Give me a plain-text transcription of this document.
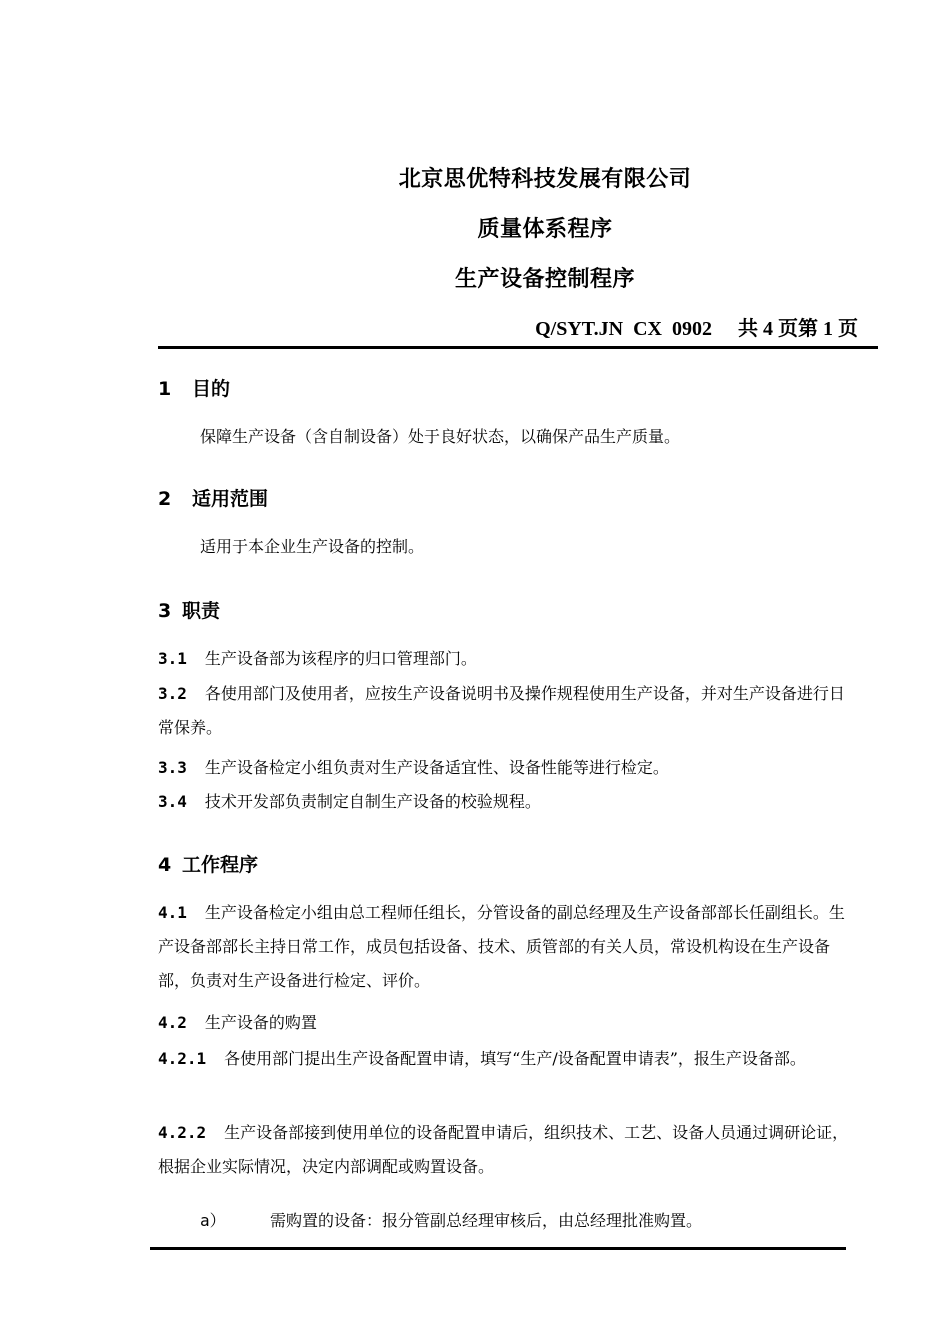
北京思优特科技发展有限公司
质量体系程序
生产设备控制程序
Q/SYT.JN  CX  0902 共 4 页第 1 页
1 目的
保障生产设备（含自制设备）处于良好状态，以确保产品生产质量。
2 适用范围
适用于本企业生产设备的控制。
3 职责
3.1 生产设备部为该程序的归口管理部门。
3.2 各使用部门及使用者，应按生产设备说明书及操作规程使用生产设备，并对生产设备进行日常保养。
3.3 生产设备检定小组负责对生产设备适宜性、设备性能等进行检定。
3.4 技术开发部负责制定自制生产设备的校验规程。
4 工作程序
4.1 生产设备检定小组由总工程师任组长，分管设备的副总经理及生产设备部部长任副组长。生产设备部部长主持日常工作，成员包括设备、技术、质管部的有关人员，常设机构设在生产设备部，负责对生产设备进行检定、评价。
4.2 生产设备的购置
4.2.1 各使用部门提出生产设备配置申请，填写“生产/设备配置申请表”，报生产设备部。
4.2.2 生产设备部接到使用单位的设备配置申请后，组织技术、工艺、设备人员通过调研论证，根据企业实际情况，决定内部调配或购置设备。
a）	需购置的设备：报分管副总经理审核后，由总经理批准购置。
